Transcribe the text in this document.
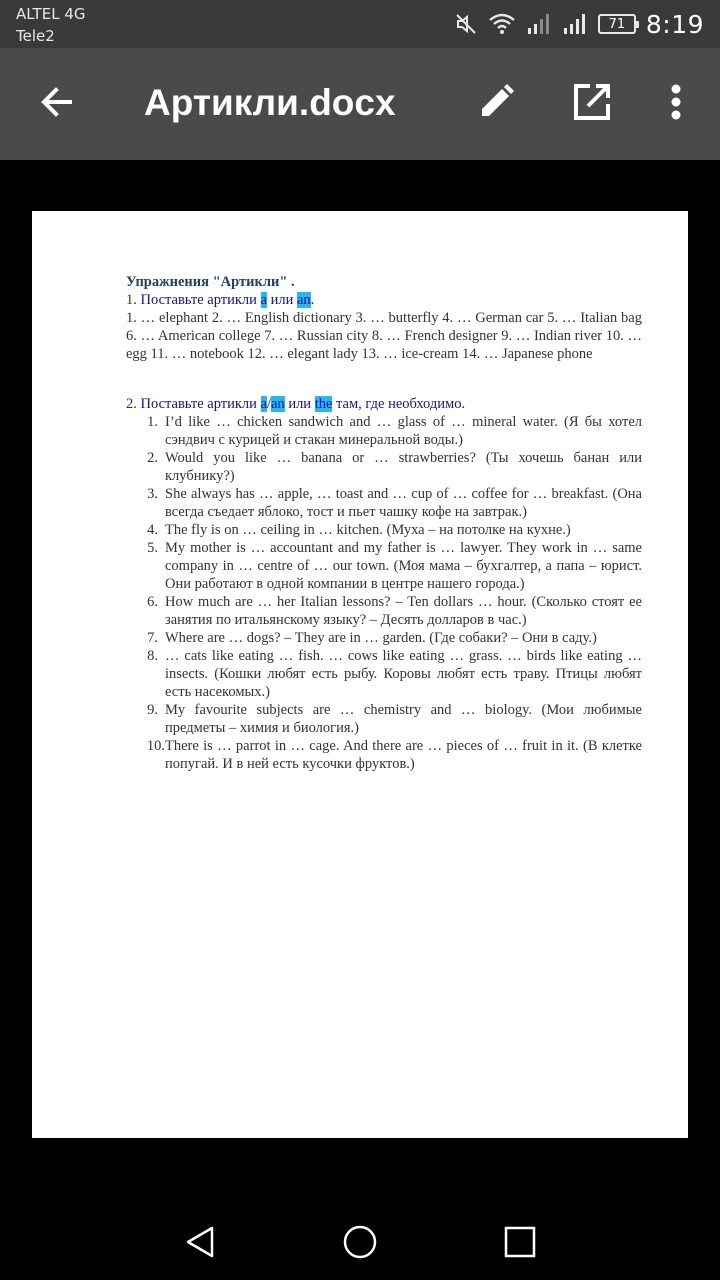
ALTEL 4G
Tele2
71 8:19
Артикли.docx
Упражнения "Артикли" .
1. Поставьте артикли a или an.
1. … elephant 2. … English dictionary 3. … butterfly 4. … German car 5. … Italian bag 6. … American college 7. … Russian city 8. … French designer 9. … Indian river 10. … egg 11. … notebook 12. … elegant lady 13. … ice-cream 14. … Japanese phone
2. Поставьте артикли a/an или the там, где необходимо.
1. I’d like … chicken sandwich and … glass of … mineral water. (Я бы хотел сэндвич с курицей и стакан минеральной воды.)
2. Would you like … banana or … strawberries? (Ты хочешь банан или клубнику?)
3. She always has … apple, … toast and … cup of … coffee for … breakfast. (Она всегда съедает яблоко, тост и пьет чашку кофе на завтрак.)
4. The fly is on … ceiling in … kitchen. (Муха – на потолке на кухне.)
5. My mother is … accountant and my father is … lawyer. They work in … same company in … centre of … our town. (Моя мама – бухгалтер, а папа – юрист. Они работают в одной компании в центре нашего города.)
6. How much are … her Italian lessons? – Ten dollars … hour. (Сколько стоят ее занятия по итальянскому языку? – Десять долларов в час.)
7. Where are … dogs? – They are in … garden. (Где собаки? – Они в саду.)
8. … cats like eating … fish. … cows like eating … grass. … birds like eating … insects. (Кошки любят есть рыбу. Коровы любят есть траву. Птицы любят есть насекомых.)
9. My favourite subjects are … chemistry and … biology. (Мои любимые предметы – химия и биология.)
10. There is … parrot in … cage. And there are … pieces of … fruit in it. (В клетке попугай. И в ней есть кусочки фруктов.)
